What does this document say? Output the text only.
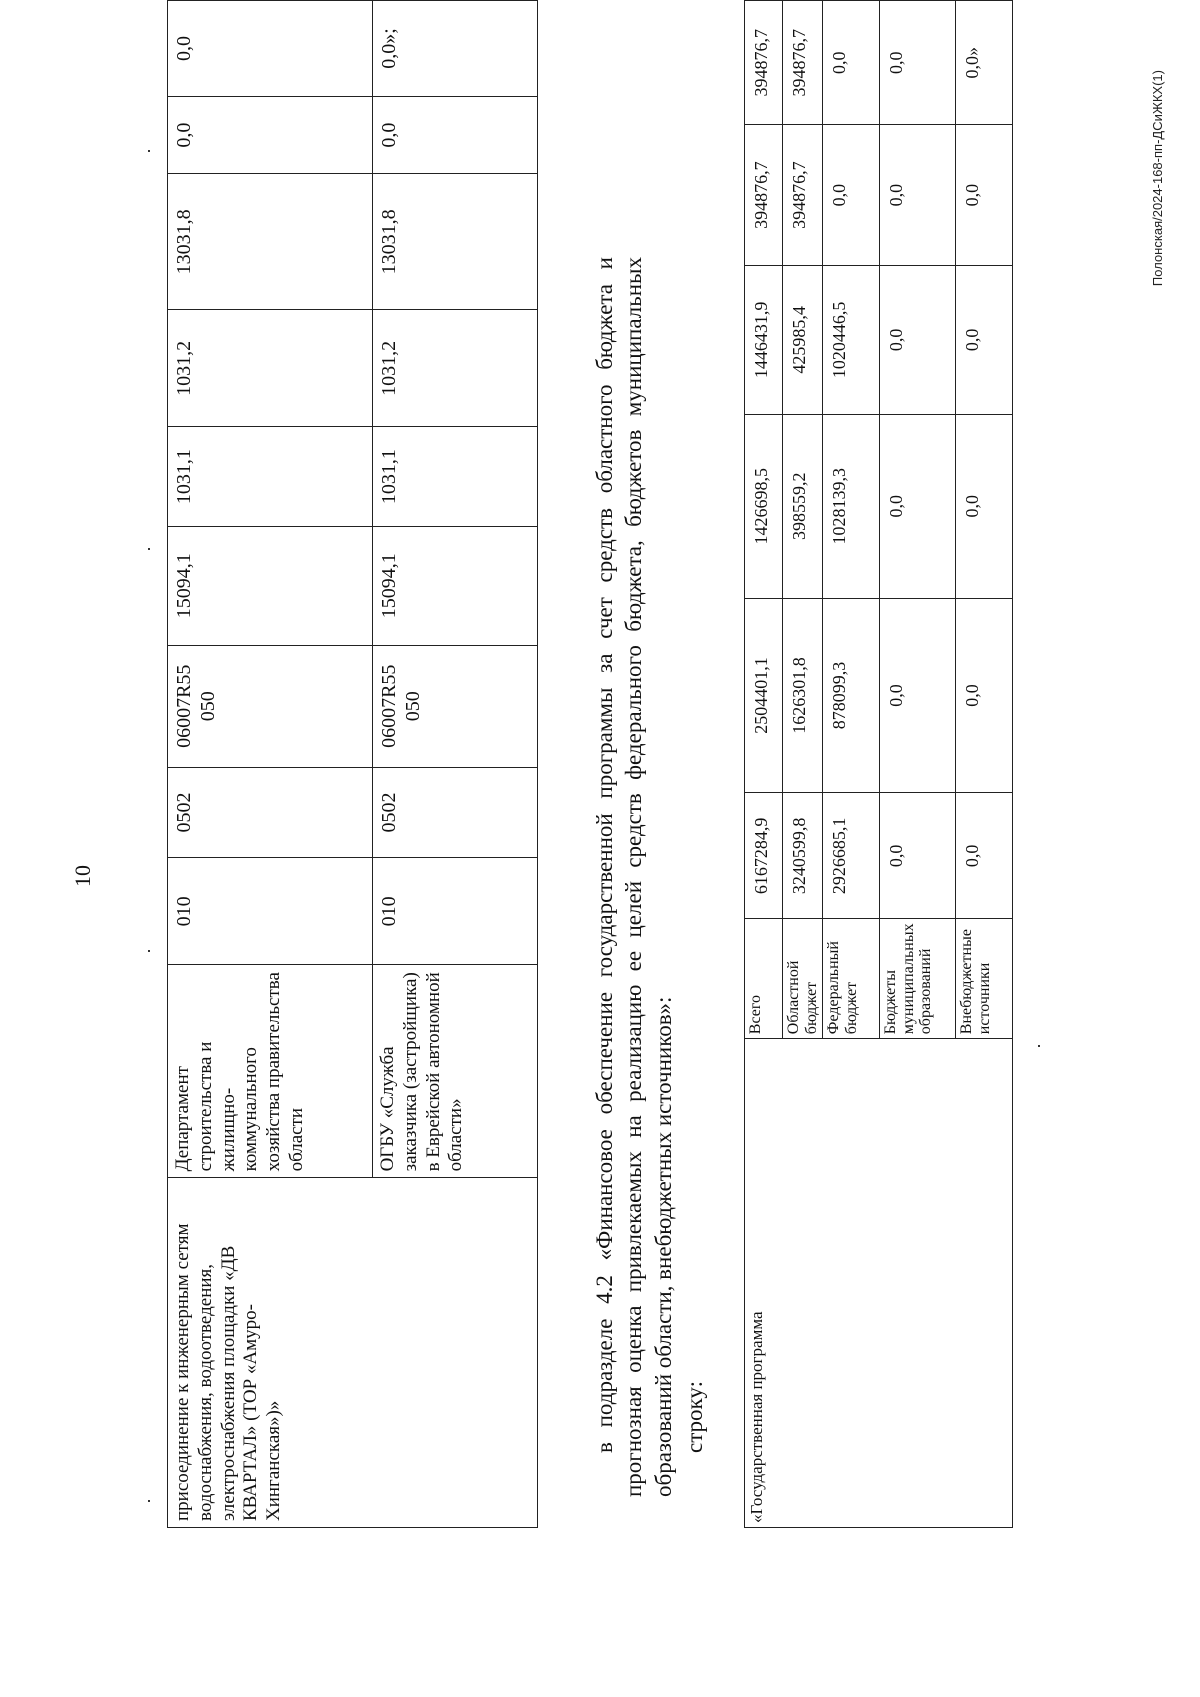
10
присоединение к инженерным сетям водоснабжения, водоотведения, электроснабжения площадки «ДВ КВАРТАЛ» (ТОР «Амуро-Хинганская»)»	Департамент строительства и жилищно-коммунального хозяйства правительства области	010	0502	06007R55 050	15094,1	1031,1	1031,2	13031,8	0,0	0,0
	ОГБУ «Служба заказчика (застройщика) в Еврейской автономной области»	010	0502	06007R55 050	15094,1	1031,1	1031,2	13031,8	0,0	0,0»;
в подразделе 4.2 «Финансовое обеспечение государственной программы за счет средств областного бюджета и прогнозная оценка привлекаемых на реализацию ее целей средств федерального бюджета, бюджетов муниципальных образований области, внебюджетных источников»: строку: «Государственная программа	Всего	6167284,9	2504401,1	1426698,5	1446431,9	394876,7	394876,7
	Областной бюджет	3240599,8	1626301,8	398559,2	425985,4	394876,7	394876,7
	Федеральный бюджет	2926685,1	878099,3	1028139,3	1020446,5	0,0	0,0
	Бюджеты муниципальных образований	0,0	0,0	0,0	0,0	0,0	0,0
	Внебюджетные источники	0,0	0,0	0,0	0,0	0,0	0,0»
Полонская/2024-168-пп-ДСиЖКХ(1)
